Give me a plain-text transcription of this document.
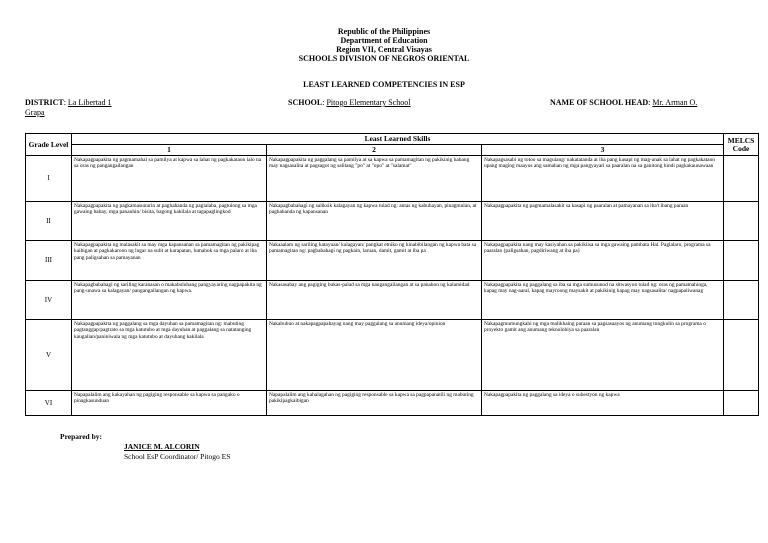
Republic of the Philippines
Department of Education
Region VII, Central Visayas
SCHOOLS DIVISION OF NEGROS ORIENTAL
LEAST LEARNED COMPETENCIES IN ESP
DISTRICT: La Libertad 1	SCHOOL: Pitogo Elementary School	NAME OF SCHOOL HEAD: Mr. Arman O.
Grapa
Grade Level	Least Learned Skills			MELCS Code
	1	2	3	
I	Nakapagpapakita ng pagmamahal sa pamilya at kapwa sa lahat ng pagkakataon lalo na sa oras ng pangangailangan	Nakapagpapakita ng paggalang sa pamilya at sa kapwa sa pamamagitan ng pakikinig habang may nagsasalita at pagsagot ng salitang "po" at "opo" at "salamat"	Nakapagsasabi ng totoo sa magulang/ nakatatanda at iba pang kasapi ng mag-anak sa lahat ng pagkakataon upang maging maayos ang samahan ng mga pangyayari sa paaralan na sa ganitong hindi pagkakaunawaan	
II	Nakapagpapakita ng pagkamasunurin at paghahanda ng paglalaba, pagtulong sa mga gawaing bahay, mga panauhin/ bisita, bagong kakilala at tagapaglingkod	Nakapagbabahagi ng saliksik kalagayan ng kapwa tulad ng: antas ng kabuhayan, pinagmulan, at paghahanda ng kapansanan	Nakapagpapakita ng pagmamalasakit sa kasapi ng paaralan at pamayanan sa iba't ibang paraan	
III	Nakapagpapakita ng malasakit sa may mga kapansanan sa pamamagitan ng pakikipag kaibigan at pagkakaroon ng lugar na sulit at karapatan, lumahok sa mga palaro at iba pang paligsahan sa pamayanan	Nakaaalam ng sariling katayuan/ kalagayan/ pangkat etniko ng kinabibilangan ng kapwa bata sa pamamagitan ng: pagbabahagi ng pagkain, laruan, damit, gamit at iba pa	Nakapagpapakita nang may kasiyahan sa pakikiisa sa mga gawaing pambata Hal. Paglalaro, programa sa paaralan (paligsahan, pagdiriwang at iba pa)	
IV	Nakapagbabahagi ng sariling karanasan o makabuluhang pangyayaring nagpapakita ng pang-unawa sa kalagayan/ pangangailangan ng kapwa.	Nakasasabay ang pagiging bukas-palad sa mga nangangailangan at sa panahon ng kalamidad	Nakapagpapakita ng paggalang sa iba sa mga sumusunod na sitwasyon tulad ng: oras ng pamamahinga, kapag may nag-aaral, kapag mayroong maysakit at pakikinig kapag may nagsasalita/ nagpapaliwanag	
V	Nakapagpapakita ng paggalang sa mga dayuhan sa pamamagitan ng: mabuting pagtanggap/pagtrato sa mga katutubo at mga dayuhan at paggalang sa natatanging kaugalian/paniniwala ng mga katutubo at dayuhang kakilala	Nakabubuo at nakapagpapahayag nang may paggalang sa anumang ideya/opinion	Nakapagmumungkahi ng mga malikhaing paraan sa pagsasaayos ng anumang tungkulin sa programa o proyekto gamit ang anumang teknolohiya sa paaralan	
VI	Napapalalim ang kakayahan ng pagiging responsable sa kapwa sa pangako o pinagkasunduan	Napapalalim ang kahalagahan ng pagiging responsable sa kapwa sa pagpapanatili ng mabuting pakikipagkaibigan	Nakapagpapakita ng paggalang sa ideya o suhestyon ng kapwa	
Prepared by:
JANICE M. ALCORIN
School EsP Coordinator/ Pitogo ES
